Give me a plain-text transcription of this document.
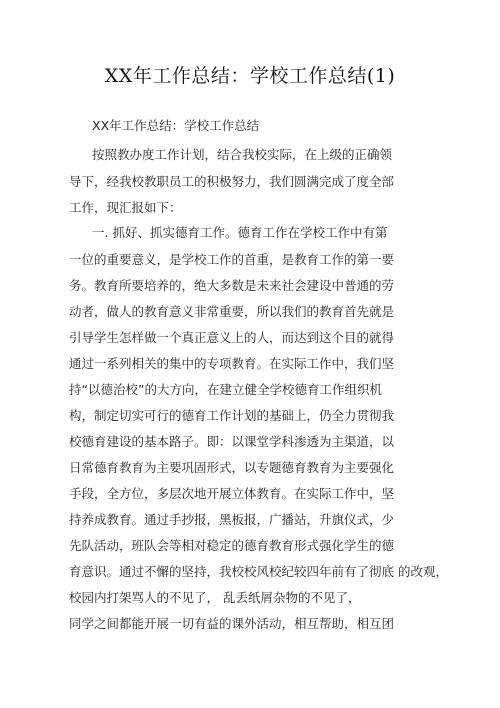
XX年工作总结：学校工作总结(1)
XX年工作总结：学校工作总结
按照教办度工作计划，结合我校实际，在上级的正确领
导下，经我校教职员工的积极努力，我们圆满完成了度全部
工作，现汇报如下：
一. 抓好、抓实德育工作。德育工作在学校工作中有第
一位的重要意义，是学校工作的首重，是教育工作的第一要
务。教育所要培养的，绝大多数是未来社会建设中普通的劳
动者，做人的教育意义非常重要，所以我们的教育首先就是
引导学生怎样做一个真正意义上的人，而达到这个目的就得
通过一系列相关的集中的专项教育。在实际工作中，我们坚
持“以德治校”的大方向，在建立健全学校德育工作组织机
构，制定切实可行的德育工作计划的基础上，仍全力贯彻我
校德育建设的基本路子。即：以课堂学科渗透为主渠道，以
日常德育教育为主要巩固形式，以专题德育教育为主要强化
手段，全方位，多层次地开展立体教育。在实际工作中，坚
持养成教育。通过手抄报，黑板报，广播站，升旗仪式，少
先队活动，班队会等相对稳定的德育教育形式强化学生的德
育意识。通过不懈的坚持，我校校风校纪较四年前有了彻底 的改观，
校园内打架骂人的不见了， 乱丢纸屑杂物的不见了，
同学之间都能开展一切有益的课外活动，相互帮助，相互团
